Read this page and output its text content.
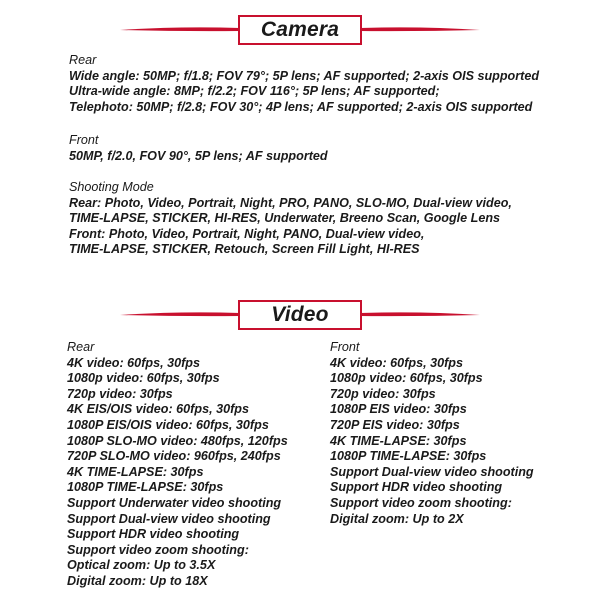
Camera
Rear
Wide angle: 50MP; f/1.8; FOV 79°; 5P lens; AF supported; 2-axis OIS supported
Ultra-wide angle: 8MP; f/2.2; FOV 116°; 5P lens; AF supported;
Telephoto: 50MP; f/2.8; FOV 30°; 4P lens; AF supported; 2-axis OIS supported
Front
50MP, f/2.0, FOV 90°, 5P lens; AF supported
Shooting Mode
Rear: Photo, Video, Portrait, Night, PRO, PANO, SLO-MO, Dual-view video,
TIME-LAPSE, STICKER, HI-RES, Underwater, Breeno Scan, Google Lens
Front: Photo, Video, Portrait, Night, PANO, Dual-view video,
TIME-LAPSE, STICKER, Retouch, Screen Fill Light, HI-RES
Video
Rear
4K video: 60fps, 30fps
1080p video: 60fps, 30fps
720p video: 30fps
4K EIS/OIS video: 60fps, 30fps
1080P EIS/OIS video: 60fps, 30fps
1080P SLO-MO video: 480fps, 120fps
720P SLO-MO video: 960fps, 240fps
4K TIME-LAPSE: 30fps
1080P TIME-LAPSE: 30fps
Support Underwater video shooting
Support Dual-view video shooting
Support HDR video shooting
Support video zoom shooting:
Optical zoom: Up to 3.5X
Digital zoom: Up to 18X
Front
4K video: 60fps, 30fps
1080p video: 60fps, 30fps
720p video: 30fps
1080P EIS video: 30fps
720P EIS video: 30fps
4K TIME-LAPSE: 30fps
1080P TIME-LAPSE: 30fps
Support Dual-view video shooting
Support HDR video shooting
Support video zoom shooting:
Digital zoom: Up to 2X
